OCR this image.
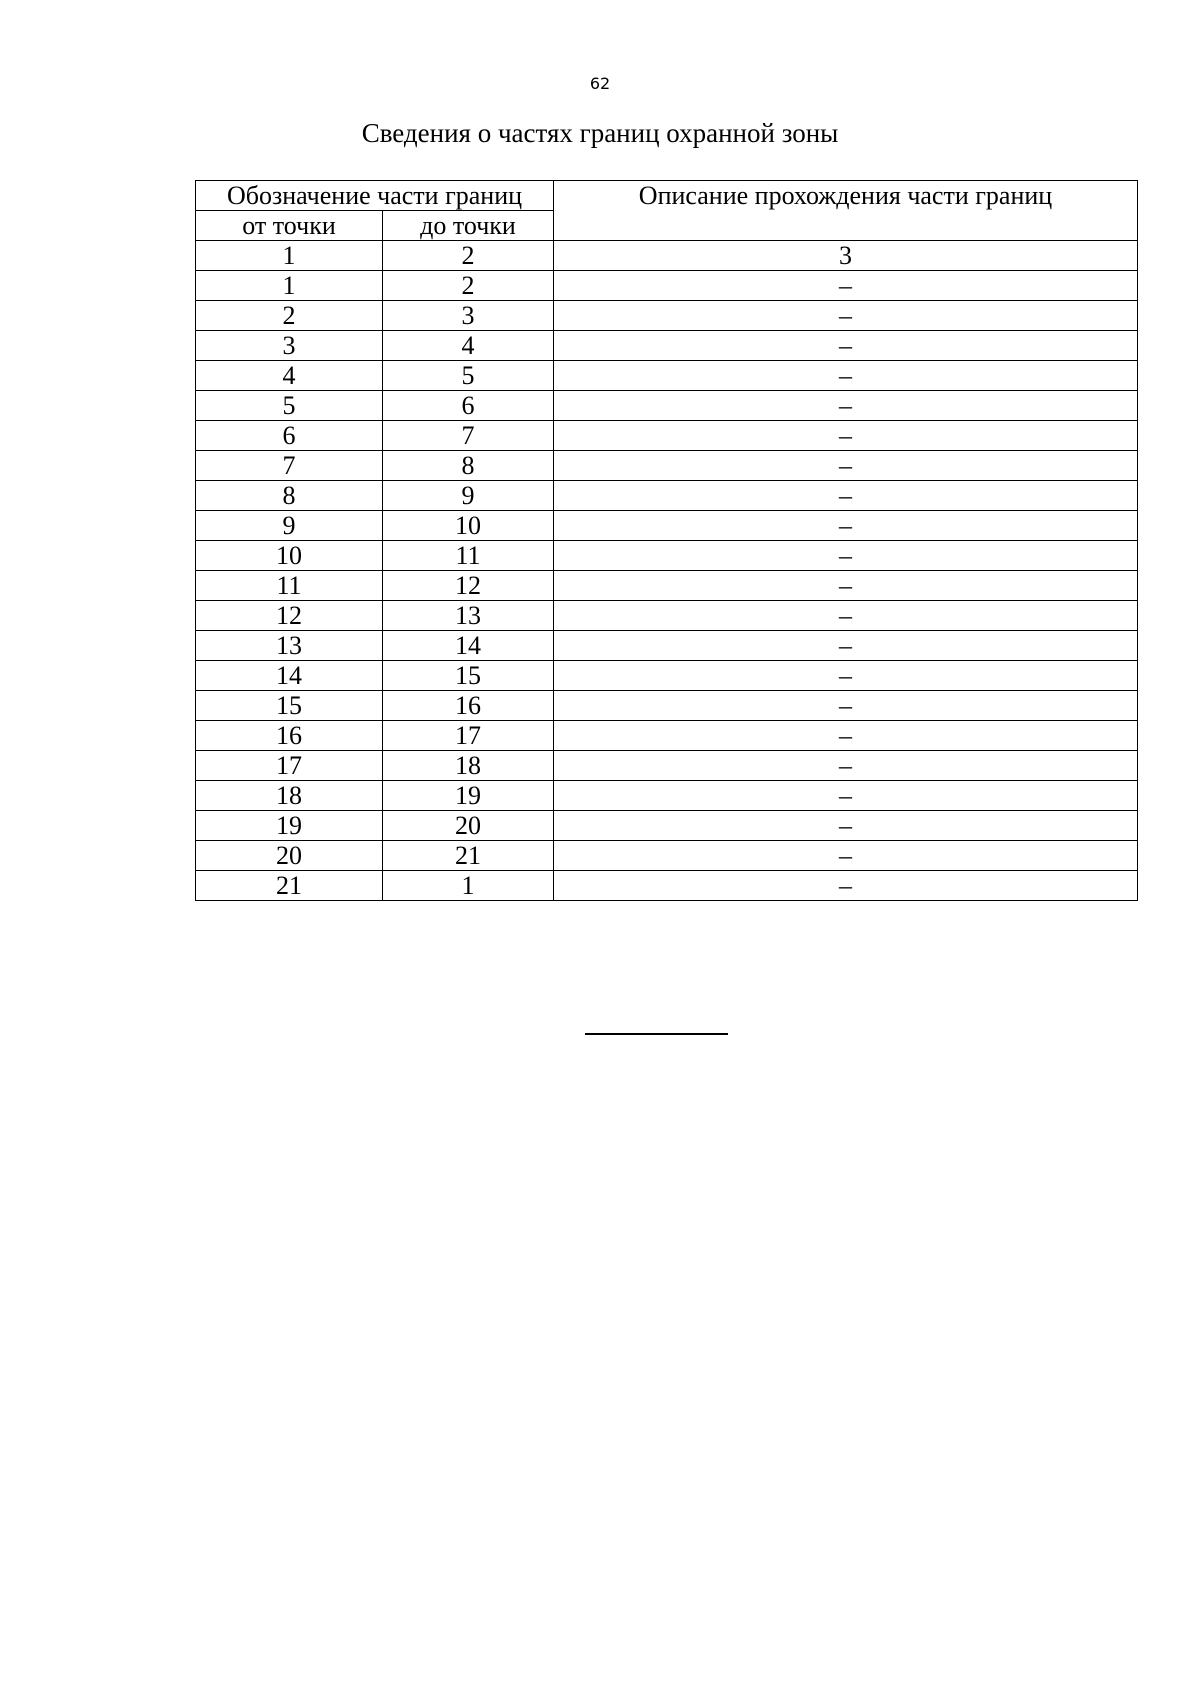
62
Сведения о частях границ охранной зоны
Обозначение части границ		Описание прохождения части границ
от точки	до точки	
1	2	3
1	2	–
2	3	–
3	4	–
4	5	–
5	6	–
6	7	–
7	8	–
8	9	–
9	10	–
10	11	–
11	12	–
12	13	–
13	14	–
14	15	–
15	16	–
16	17	–
17	18	–
18	19	–
19	20	–
20	21	–
21	1	–
